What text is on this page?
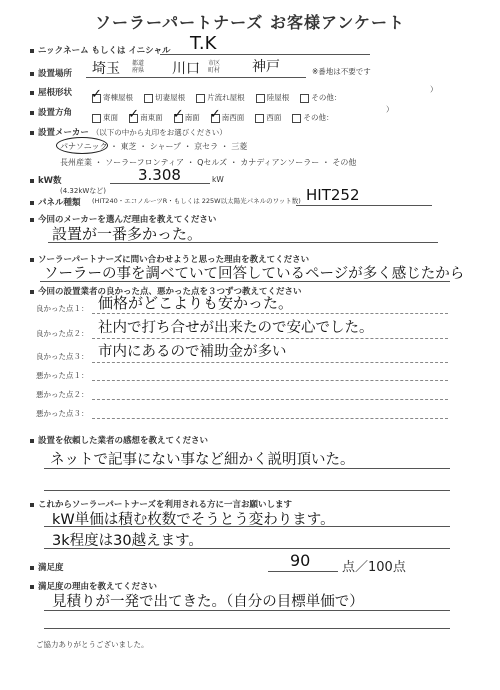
ソーラーパートナーズ お客様アンケート
ニックネーム もしくは イニシャル T.K
設置場所 埼玉 都道府県 川口 市区町村 神戸	※番地は不要です
屋根形状 ✓	寄棟屋根	切妻屋根	片流れ屋根	陸屋根	その他：
）
設置方角	東面 ✓	南東面 ✓	南面 ✓	南西面	西面	その他：
）
設置メーカー （以下の中から丸印をお選びください）
パナソニック ・ 東芝 ・ シャープ ・ 京セラ ・ 三菱
長州産業 ・ ソーラーフロンティア ・ Qセルズ ・ カナディアンソーラー ・ その他
kW数
(4.32kWなど)
3.308	kW
パネル種類 (HIT240・エコノルーツR・もしくは 225W以太陽光パネルのワット数) HIT252
今回のメーカーを選んだ理由を教えてください
設置が一番多かった。
ソーラーパートナーズに問い合わせようと思った理由を教えてください
ソーラーの事を調べていて回答しているページが多く感じたから
今回の設置業者の良かった点、悪かった点を３つずつ教えてください
良かった点１： 価格がどこよりも安かった。
良かった点２： 社内で打ち合せが出来たので安心でした。
良かった点３： 市内にあるので補助金が多い
悪かった点１：
悪かった点２：
悪かった点３：
設置を依頼した業者の感想を教えてください
ネットで記事にない事など細かく説明頂いた。
これからソーラーパートナーズを利用される方に一言お願いします
kW単価は積む枚数でそうとう変わります。
3k程度は30越えます。
満足度	90 点／100点
満足度の理由を教えてください
見積りが一発で出てきた。（自分の目標単価で）
ご協力ありがとうございました。
